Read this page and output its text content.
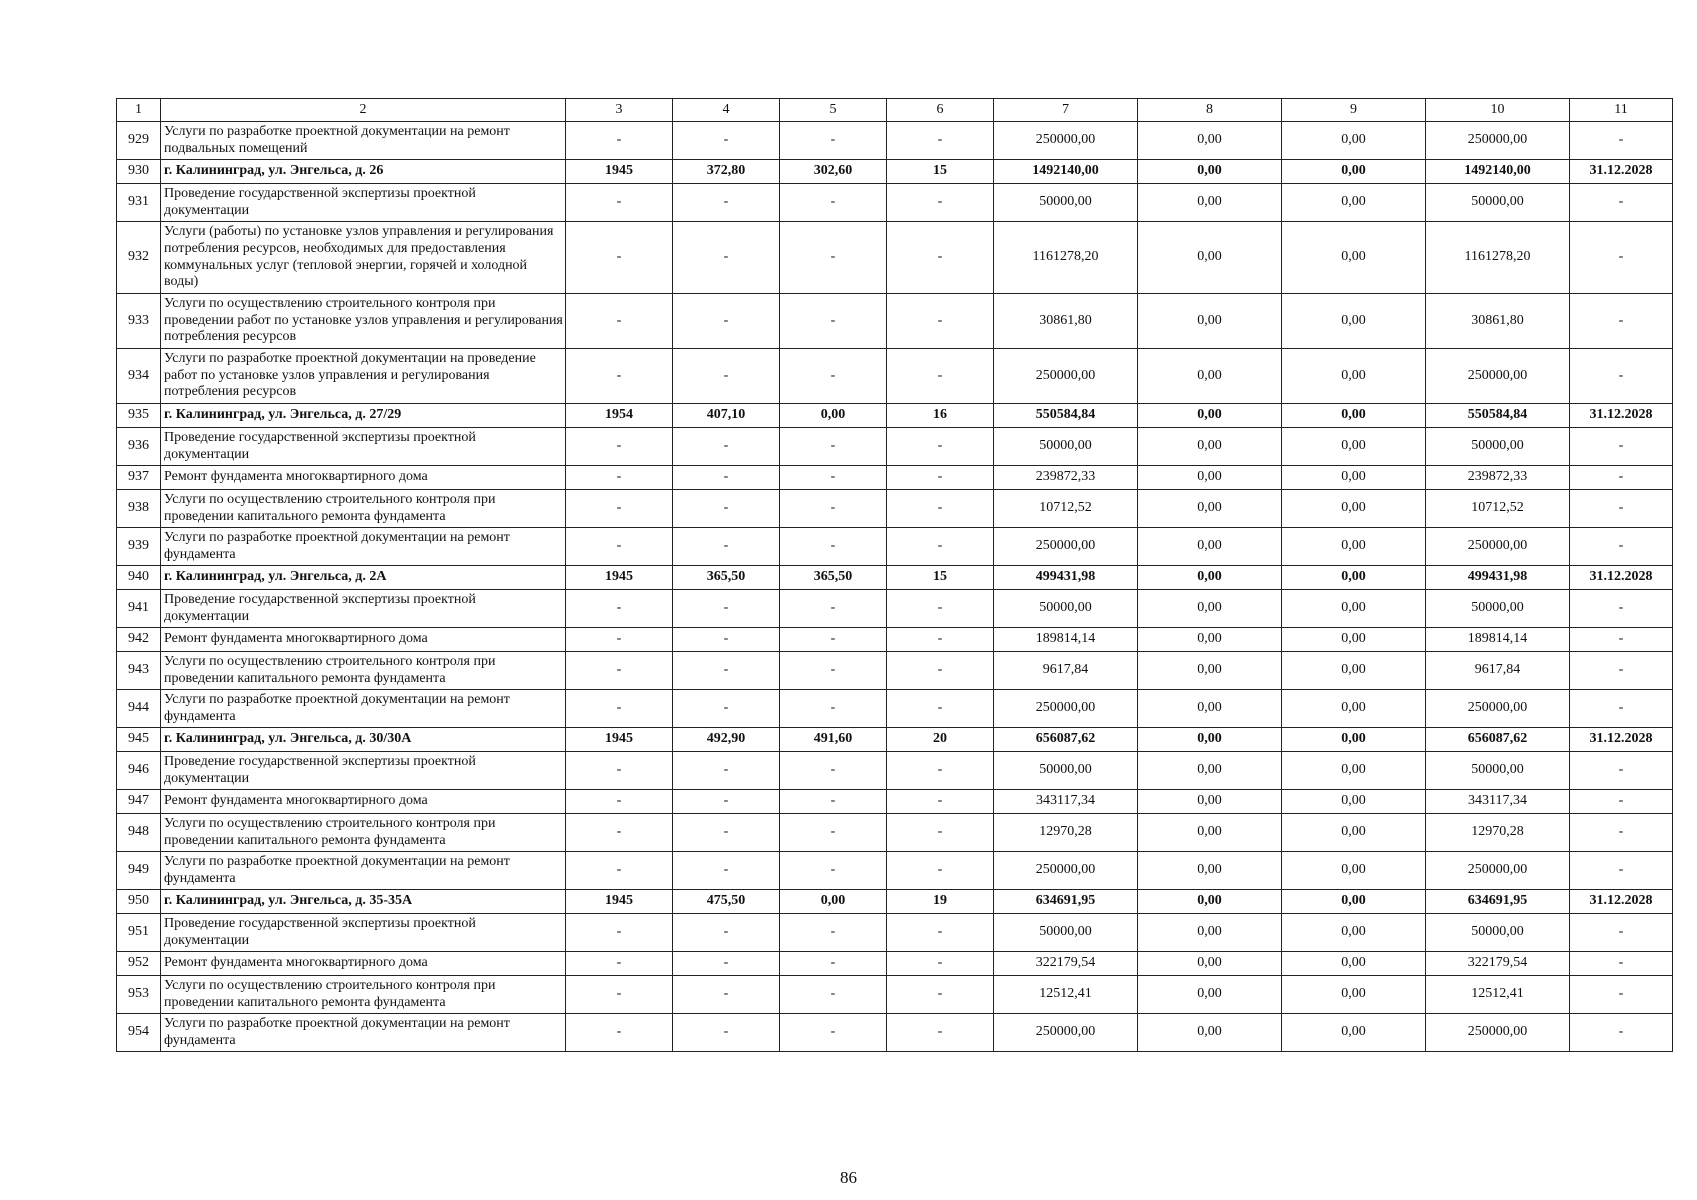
1	2	3	4	5	6	7	8	9	10	11
929	Услуги по разработке проектной документации на ремонт подвальных помещений	-	-	-	-	250000,00	0,00	0,00	250000,00	-
930	г. Калининград, ул. Энгельса, д. 26	1945	372,80	302,60	15	1492140,00	0,00	0,00	1492140,00	31.12.2028
931	Проведение государственной экспертизы проектной документации	-	-	-	-	50000,00	0,00	0,00	50000,00	-
932	Услуги (работы) по установке узлов управления и регулирования потребления ресурсов, необходимых для предоставления коммунальных услуг (тепловой энергии, горячей и холодной воды)	-	-	-	-	1161278,20	0,00	0,00	1161278,20	-
933	Услуги по осуществлению строительного контроля при проведении работ по установке узлов управления и регулирования потребления ресурсов	-	-	-	-	30861,80	0,00	0,00	30861,80	-
934	Услуги по разработке проектной документации на проведение работ по установке узлов управления и регулирования потребления ресурсов	-	-	-	-	250000,00	0,00	0,00	250000,00	-
935	г. Калининград, ул. Энгельса, д. 27/29	1954	407,10	0,00	16	550584,84	0,00	0,00	550584,84	31.12.2028
936	Проведение государственной экспертизы проектной документации	-	-	-	-	50000,00	0,00	0,00	50000,00	-
937	Ремонт фундамента многоквартирного дома	-	-	-	-	239872,33	0,00	0,00	239872,33	-
938	Услуги по осуществлению строительного контроля при проведении капитального ремонта фундамента	-	-	-	-	10712,52	0,00	0,00	10712,52	-
939	Услуги по разработке проектной документации на ремонт фундамента	-	-	-	-	250000,00	0,00	0,00	250000,00	-
940	г. Калининград, ул. Энгельса, д. 2А	1945	365,50	365,50	15	499431,98	0,00	0,00	499431,98	31.12.2028
941	Проведение государственной экспертизы проектной документации	-	-	-	-	50000,00	0,00	0,00	50000,00	-
942	Ремонт фундамента многоквартирного дома	-	-	-	-	189814,14	0,00	0,00	189814,14	-
943	Услуги по осуществлению строительного контроля при проведении капитального ремонта фундамента	-	-	-	-	9617,84	0,00	0,00	9617,84	-
944	Услуги по разработке проектной документации на ремонт фундамента	-	-	-	-	250000,00	0,00	0,00	250000,00	-
945	г. Калининград, ул. Энгельса, д. 30/30А	1945	492,90	491,60	20	656087,62	0,00	0,00	656087,62	31.12.2028
946	Проведение государственной экспертизы проектной документации	-	-	-	-	50000,00	0,00	0,00	50000,00	-
947	Ремонт фундамента многоквартирного дома	-	-	-	-	343117,34	0,00	0,00	343117,34	-
948	Услуги по осуществлению строительного контроля при проведении капитального ремонта фундамента	-	-	-	-	12970,28	0,00	0,00	12970,28	-
949	Услуги по разработке проектной документации на ремонт фундамента	-	-	-	-	250000,00	0,00	0,00	250000,00	-
950	г. Калининград, ул. Энгельса, д. 35-35А	1945	475,50	0,00	19	634691,95	0,00	0,00	634691,95	31.12.2028
951	Проведение государственной экспертизы проектной документации	-	-	-	-	50000,00	0,00	0,00	50000,00	-
952	Ремонт фундамента многоквартирного дома	-	-	-	-	322179,54	0,00	0,00	322179,54	-
953	Услуги по осуществлению строительного контроля при проведении капитального ремонта фундамента	-	-	-	-	12512,41	0,00	0,00	12512,41	-
954	Услуги по разработке проектной документации на ремонт фундамента	-	-	-	-	250000,00	0,00	0,00	250000,00	-
86
